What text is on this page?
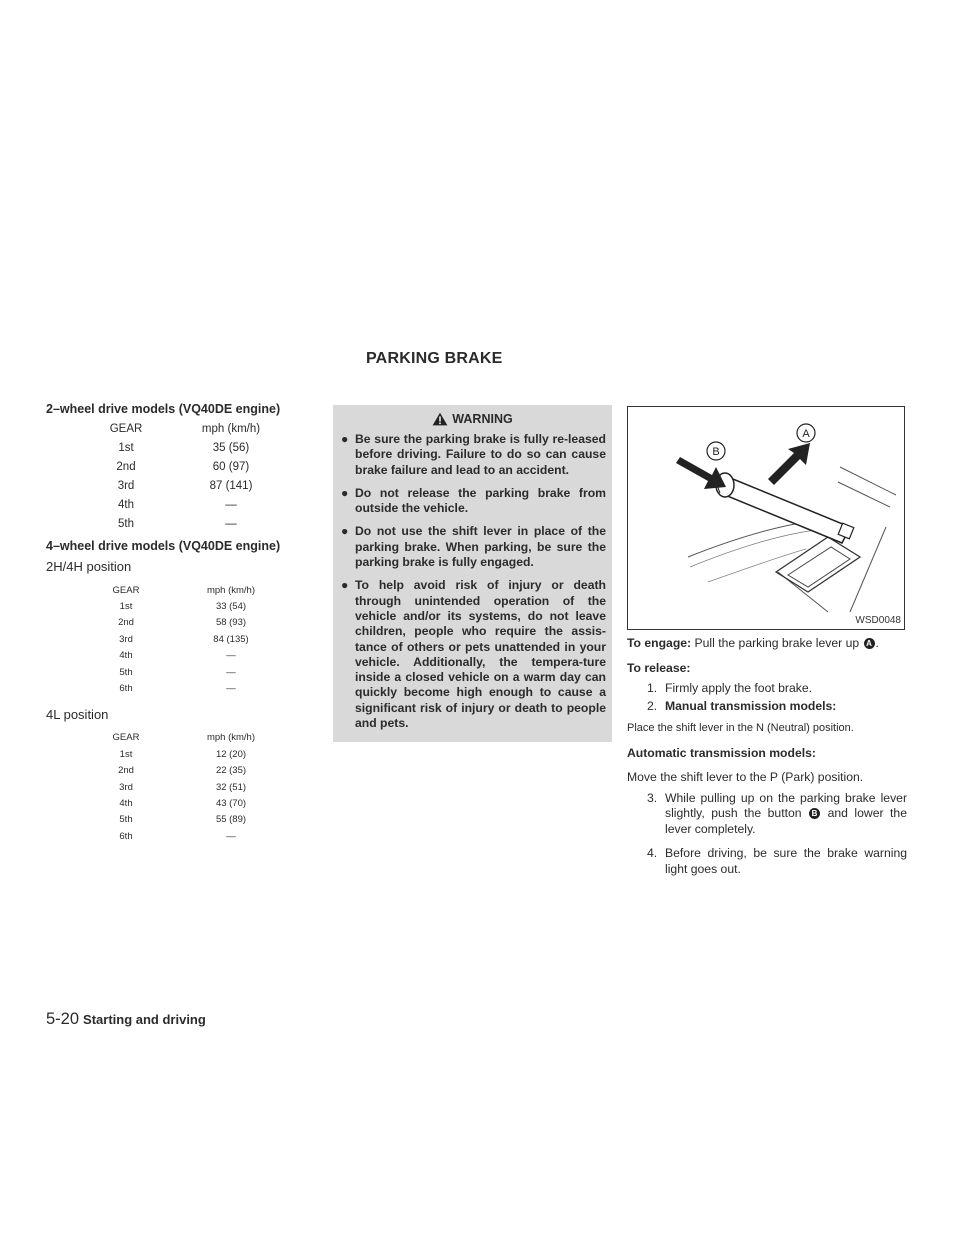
PARKING BRAKE

2–wheel drive models (VQ40DE engine)

GEAR	mph (km/h)
1st	35 (56)
2nd	60 (97)
3rd	87 (141)
4th	—
5th	—

4–wheel drive models (VQ40DE engine)

2H/4H position

GEAR	mph (km/h)
1st	33 (54)
2nd	58 (93)
3rd	84 (135)
4th	—
5th	—
6th	—

4L position

GEAR	mph (km/h)
1st	12 (20)
2nd	22 (35)
3rd	32 (51)
4th	43 (70)
5th	55 (89)
6th	—
WARNING
● Be sure the parking brake is fully re-leased before driving. Failure to do so can cause brake failure and lead to an accident.
● Do not release the parking brake from outside the vehicle.
● Do not use the shift lever in place of the parking brake. When parking, be sure the parking brake is fully engaged.
● To help avoid risk of injury or death through unintended operation of the vehicle and/or its systems, do not leave children, people who require the assis-tance of others or pets unattended in your vehicle. Additionally, the tempera-ture inside a closed vehicle on a warm day can quickly become high enough to cause a significant risk of injury or death to people and pets.
B
A
WSD0048

To engage: Pull the parking brake lever up A .

To release:

1. Firmly apply the foot brake.
2. Manual transmission models:

Place the shift lever in the N (Neutral) position.

Automatic transmission models:

Move the shift lever to the P (Park) position.

3. While pulling up on the parking brake lever slightly, push the button B and lower the lever completely.
4. Before driving, be sure the brake warning light goes out.
5-20 Starting and driving
